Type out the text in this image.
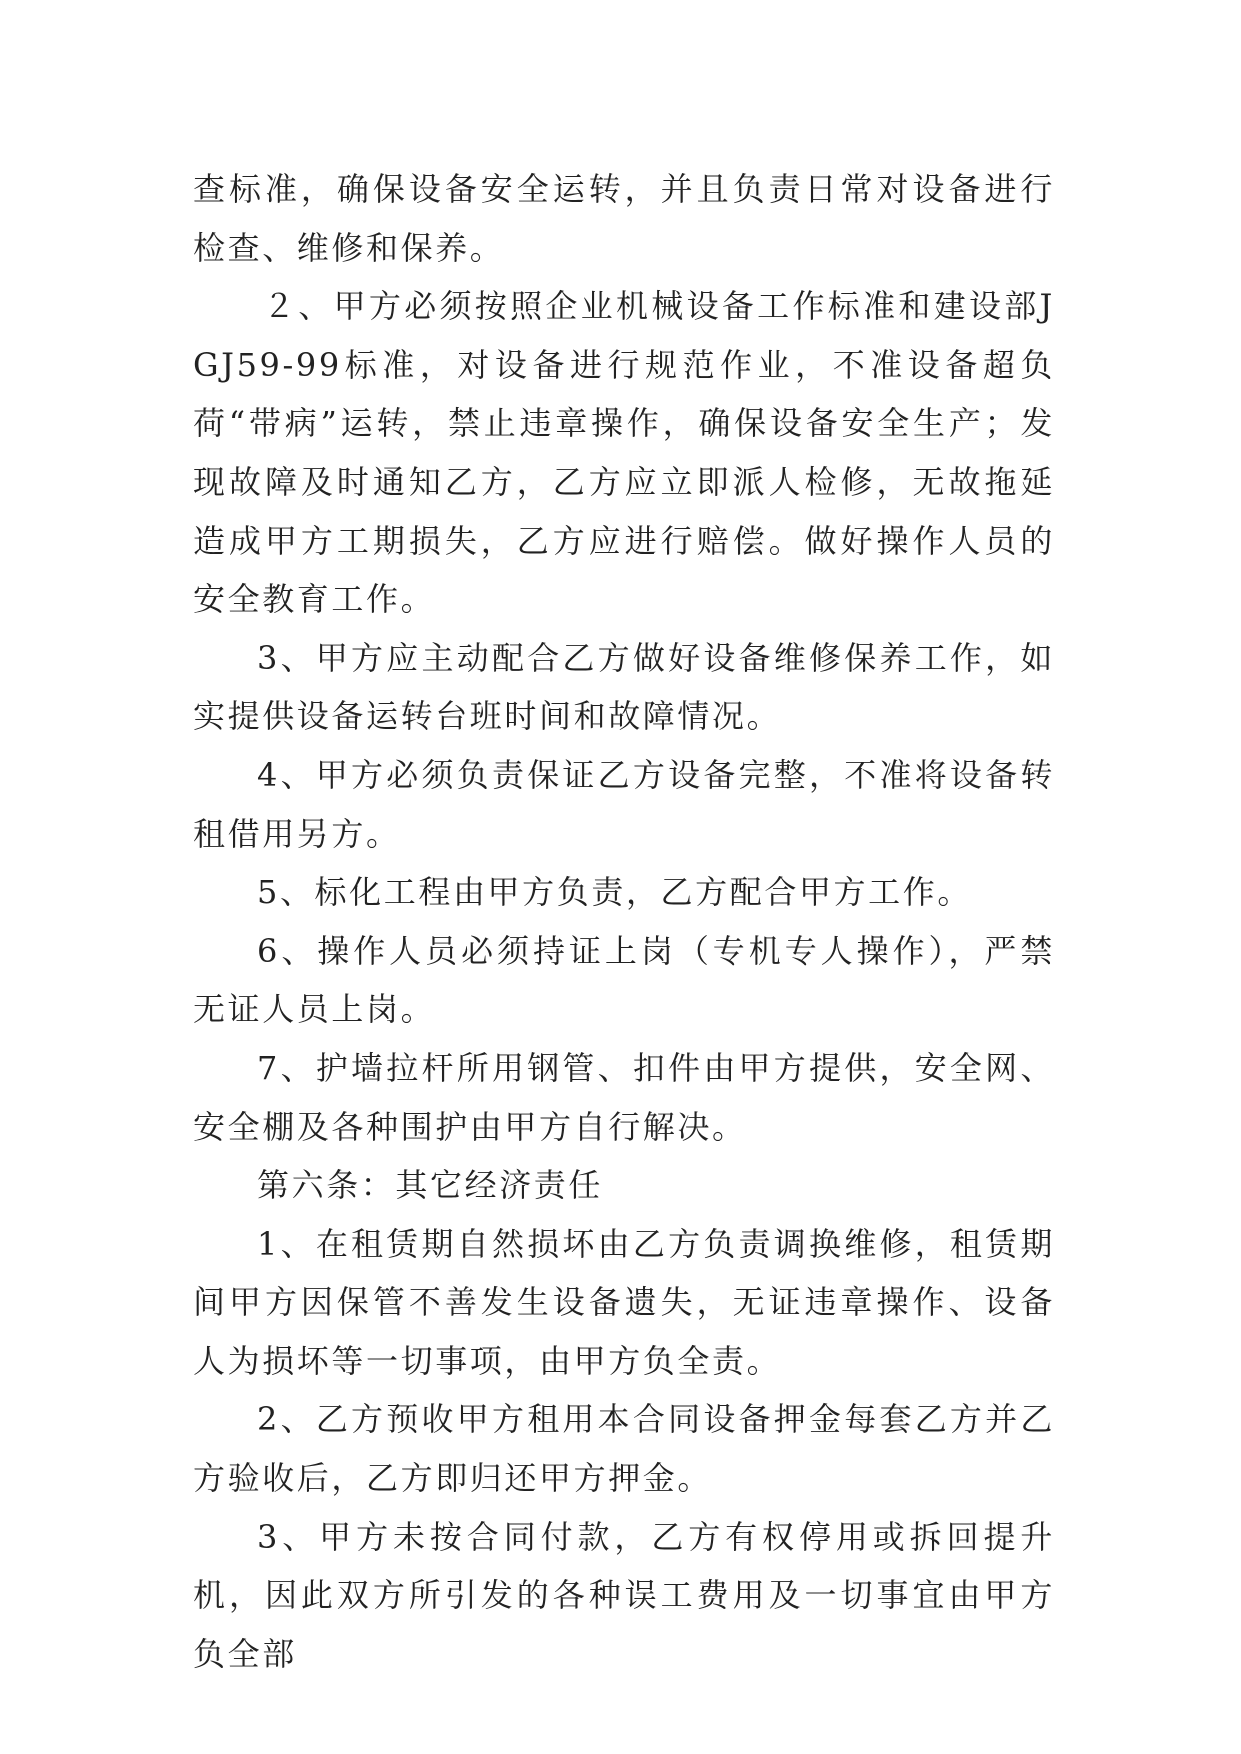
查标准，确保设备安全运转，并且负责日常对设备进行检查、维修和保养。

２、甲方必须按照企业机械设备工作标准和建设部JGJ59-99标准，对设备进行规范作业，不准设备超负荷“带病”运转，禁止违章操作，确保设备安全生产；发现故障及时通知乙方，乙方应立即派人检修，无故拖延造成甲方工期损失，乙方应进行赔偿。做好操作人员的安全教育工作。

3、甲方应主动配合乙方做好设备维修保养工作，如实提供设备运转台班时间和故障情况。

4、甲方必须负责保证乙方设备完整，不准将设备转租借用另方。

5、标化工程由甲方负责，乙方配合甲方工作。

6、操作人员必须持证上岗（专机专人操作），严禁无证人员上岗。

7、护墙拉杆所用钢管、扣件由甲方提供，安全网、安全棚及各种围护由甲方自行解决。

第六条：其它经济责任

1、在租赁期自然损坏由乙方负责调换维修，租赁期间甲方因保管不善发生设备遗失，无证违章操作、设备人为损坏等一切事项，由甲方负全责。

2、乙方预收甲方租用本合同设备押金每套乙方并乙方验收后，乙方即归还甲方押金。

3、甲方未按合同付款，乙方有权停用或拆回提升机，因此双方所引发的各种误工费用及一切事宜由甲方负全部
